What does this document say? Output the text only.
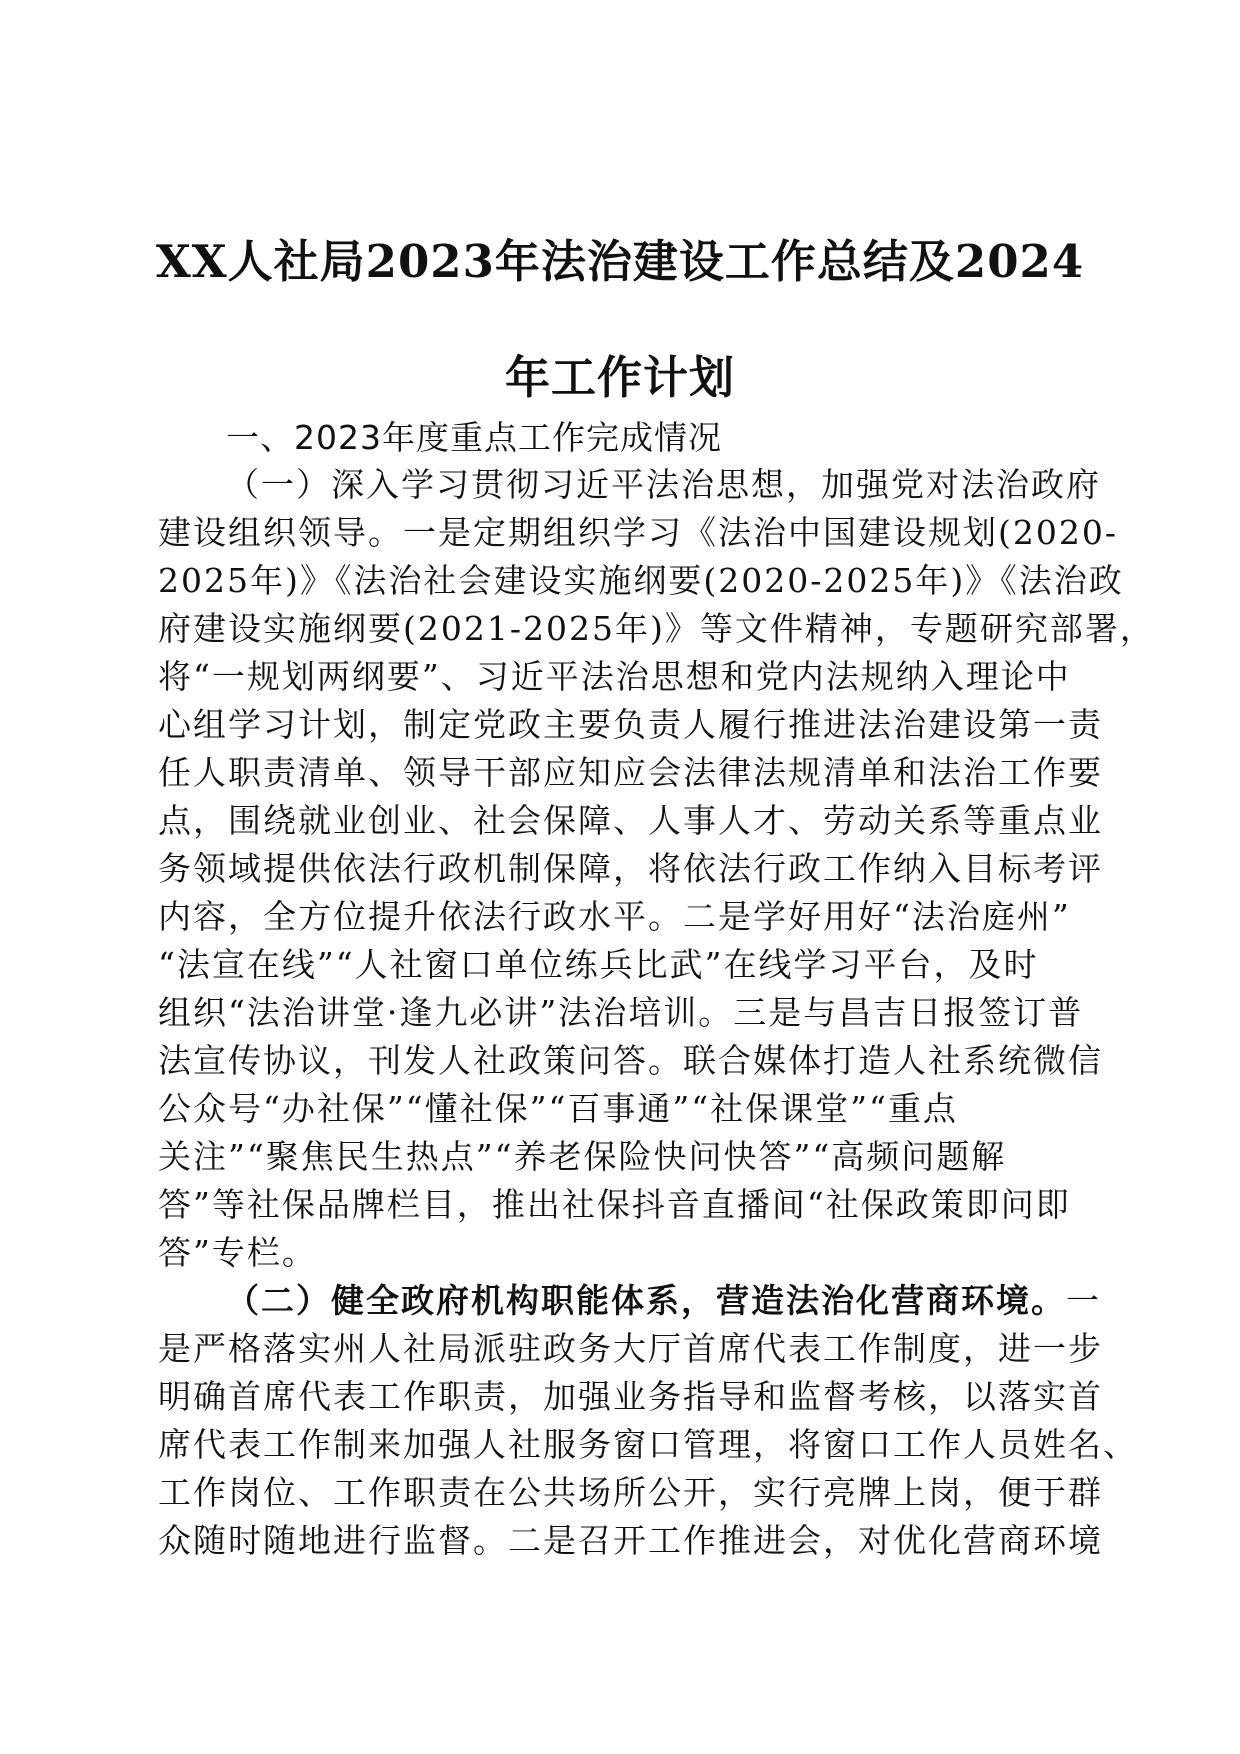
XX人社局2023年法治建设工作总结及2024
年工作计划
一、2023年度重点工作完成情况
（一）深入学习贯彻习近平法治思想，加强党对法治政府
建设组织领导。一是定期组织学习《法治中国建设规划(2020-
2025年)》《法治社会建设实施纲要(2020-2025年)》《法治政
府建设实施纲要(2021-2025年)》等文件精神，专题研究部署，
将“一规划两纲要”、习近平法治思想和党内法规纳入理论中
心组学习计划，制定党政主要负责人履行推进法治建设第一责
任人职责清单、领导干部应知应会法律法规清单和法治工作要
点，围绕就业创业、社会保障、人事人才、劳动关系等重点业
务领域提供依法行政机制保障，将依法行政工作纳入目标考评
内容，全方位提升依法行政水平。二是学好用好“法治庭州”
“法宣在线”“人社窗口单位练兵比武”在线学习平台，及时
组织“法治讲堂·逢九必讲”法治培训。三是与昌吉日报签订普
法宣传协议，刊发人社政策问答。联合媒体打造人社系统微信
公众号“办社保”“懂社保”“百事通”“社保课堂”“重点
关注”“聚焦民生热点”“养老保险快问快答”“高频问题解
答”等社保品牌栏目，推出社保抖音直播间“社保政策即问即
答”专栏。
（二）健全政府机构职能体系，营造法治化营商环境。一
是严格落实州人社局派驻政务大厅首席代表工作制度，进一步
明确首席代表工作职责，加强业务指导和监督考核，以落实首
席代表工作制来加强人社服务窗口管理，将窗口工作人员姓名、
工作岗位、工作职责在公共场所公开，实行亮牌上岗，便于群
众随时随地进行监督。二是召开工作推进会，对优化营商环境
